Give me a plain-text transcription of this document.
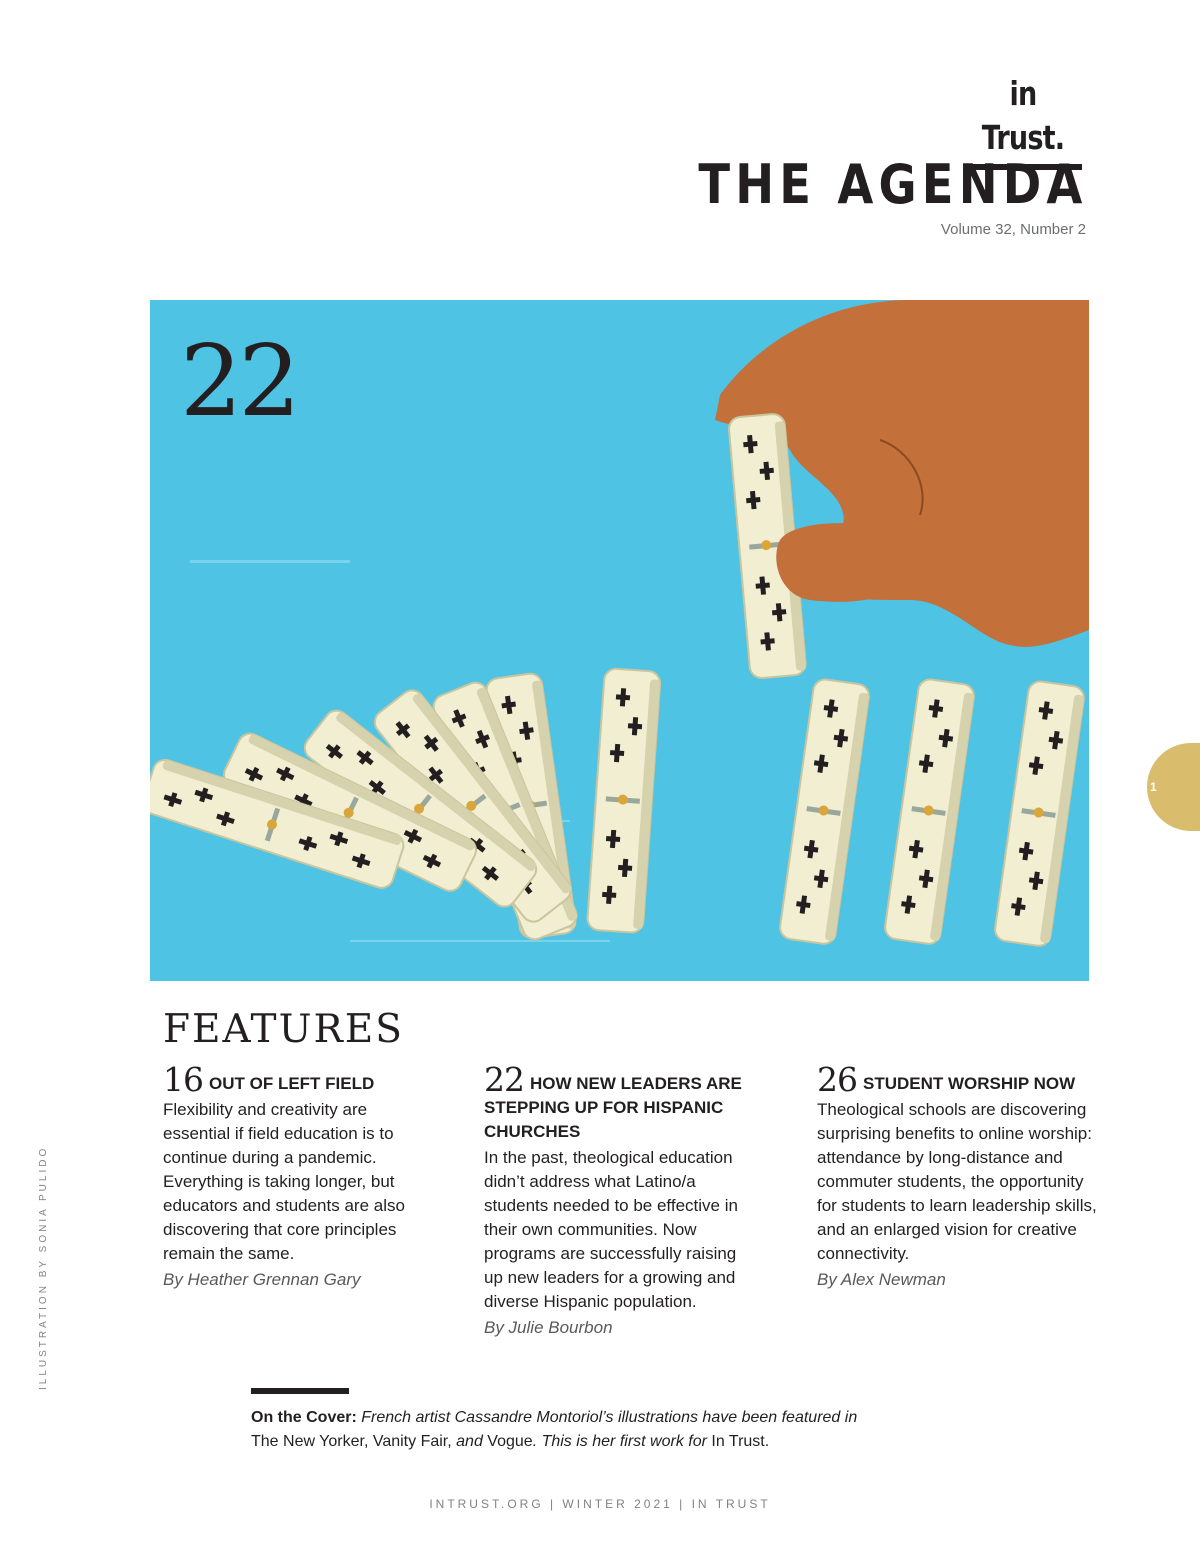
in Trust.
THE AGENDA
Volume 32, Number 2
22
1
FEATURES
16 OUT OF LEFT FIELD
Flexibility and creativity are essential if field education is to continue during a pandemic. Everything is taking longer, but educators and students are also discovering that core principles remain the same.
By Heather Grennan Gary
22 HOW NEW LEADERS ARE STEPPING UP FOR HISPANIC CHURCHES
In the past, theological education didn’t address what Latino/a students needed to be effective in their own communities. Now programs are successfully raising up new leaders for a growing and diverse Hispanic population.
By Julie Bourbon
26 STUDENT WORSHIP NOW
Theological schools are discovering surprising benefits to online worship: attendance by long-distance and commuter students, the opportunity for students to learn leadership skills, and an enlarged vision for creative connectivity.
By Alex Newman
ILLUSTRATION BY SONIA PULIDO
On the Cover: French artist Cassandre Montoriol’s illustrations have been featured in
The New Yorker, Vanity Fair, and Vogue. This is her first work for In Trust.
INTRUST.ORG | WINTER 2021 | IN TRUST
